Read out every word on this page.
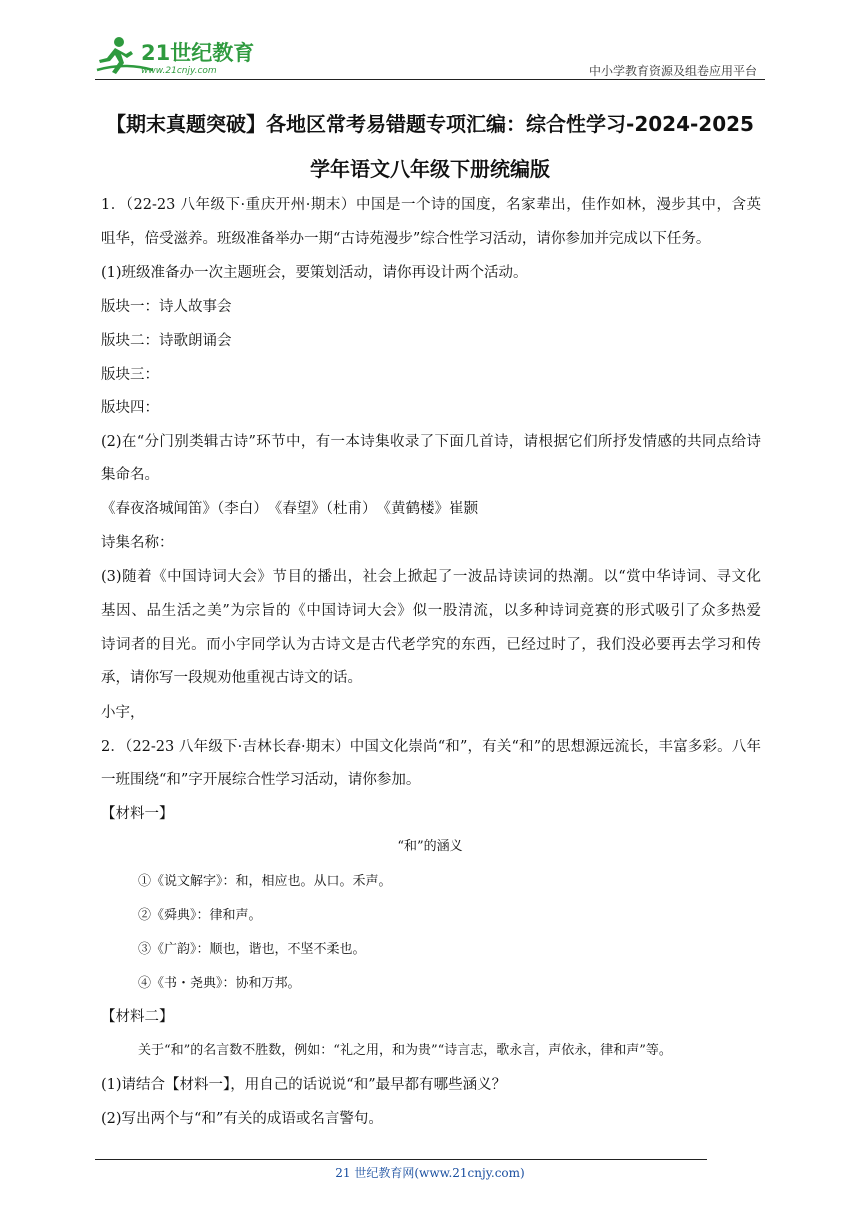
21世纪教育
www.21cnjy.com	中小学教育资源及组卷应用平台
【期末真题突破】各地区常考易错题专项汇编：综合性学习-2024-2025
学年语文八年级下册统编版
1．（22-23 八年级下·重庆开州·期末）中国是一个诗的国度，名家辈出，佳作如林，漫步其中，含英
咀华，倍受滋养。班级准备举办一期“古诗苑漫步”综合性学习活动，请你参加并完成以下任务。
(1)班级准备办一次主题班会，要策划活动，请你再设计两个活动。
版块一：诗人故事会
版块二：诗歌朗诵会
版块三：
版块四：
(2)在“分门别类辑古诗”环节中，有一本诗集收录了下面几首诗，请根据它们所抒发情感的共同点给诗
集命名。
《春夜洛城闻笛》（李白）　《春望》（杜甫）　《黄鹤楼》崔颢
诗集名称：
(3)随着《中国诗词大会》节目的播出，社会上掀起了一波品诗读词的热潮。以“赏中华诗词、寻文化
基因、品生活之美”为宗旨的《中国诗词大会》似一股清流，以多种诗词竞赛的形式吸引了众多热爱
诗词者的目光。而小宇同学认为古诗文是古代老学究的东西，已经过时了，我们没必要再去学习和传
承，请你写一段规劝他重视古诗文的话。
小宇，
2．（22-23 八年级下·吉林长春·期末）中国文化崇尚“和”，有关“和”的思想源远流长，丰富多彩。八年
一班围绕“和”字开展综合性学习活动，请你参加。
【材料一】
“和”的涵义
①《说文解字》：和，相应也。从口。禾声。
②《舜典》：律和声。
③《广韵》：顺也，谐也，不坚不柔也。
④《书・尧典》：协和万邦。
【材料二】
关于“和”的名言数不胜数，例如：“礼之用，和为贵”“诗言志，歌永言，声依永，律和声”等。
(1)请结合【材料一】，用自己的话说说“和”最早都有哪些涵义？
(2)写出两个与“和”有关的成语或名言警句。
21 世纪教育网(www.21cnjy.com)
